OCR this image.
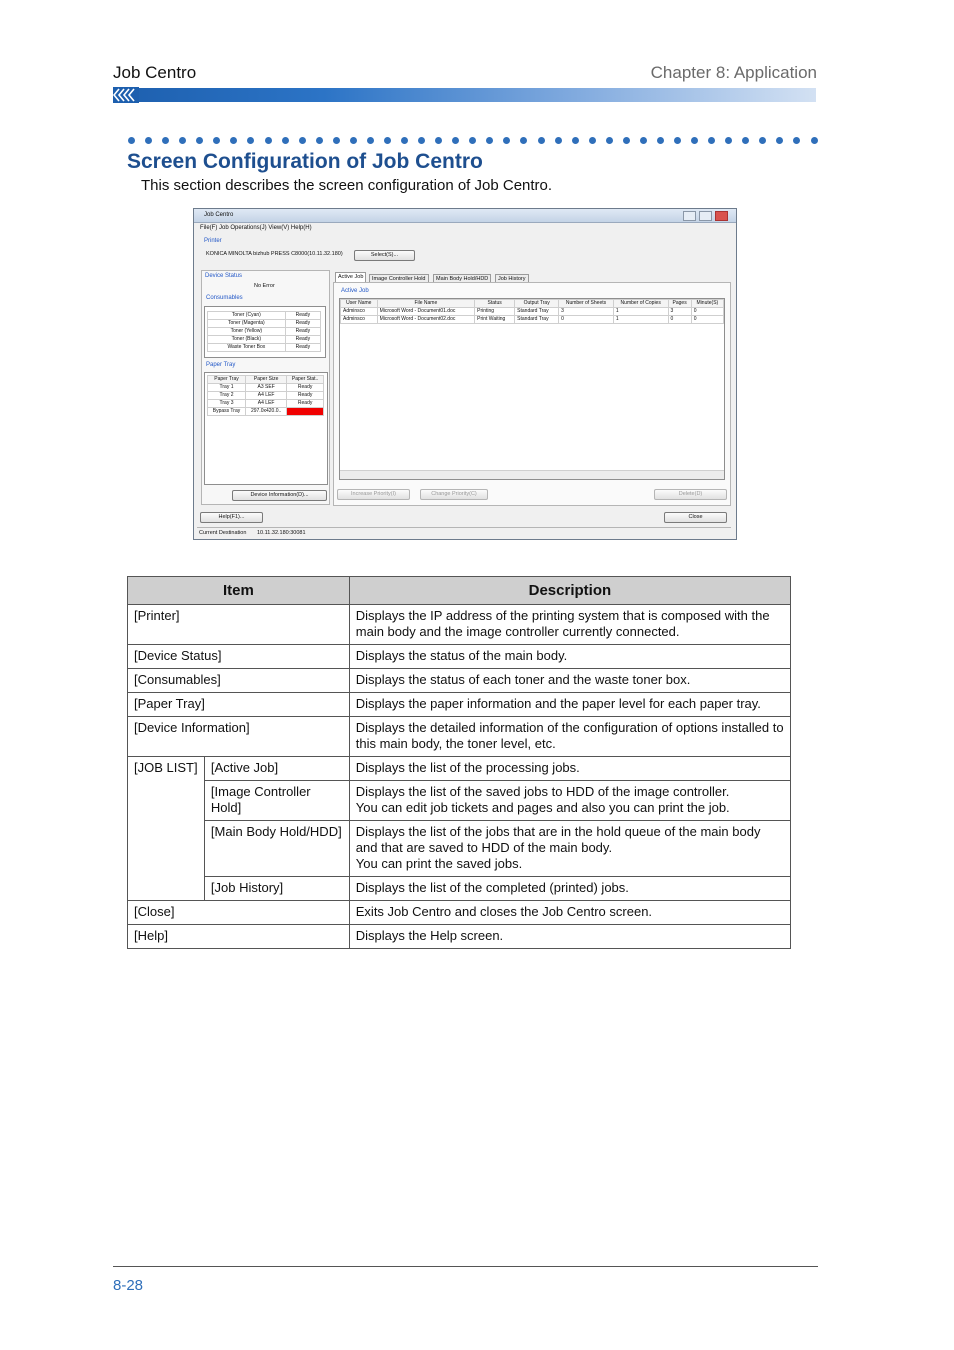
Job Centro	Chapter 8: Application
Screen Configuration of Job Centro
This section describes the screen configuration of Job Centro.
Job Centro
File(F) Job Operations(J) View(V) Help(H)
Printer
KONICA MINOLTA bizhub PRESS C8000(10.11.32.180)	Select(S)...
Device Status
No Error
Consumables
Toner (Cyan)	Ready
Toner (Magenta)	Ready
Toner (Yellow)	Ready
Toner (Black)	Ready
Waste Toner Box	Ready
Paper Tray
Paper Tray	Paper Size	Paper Stat..
Tray 1	A3 SEF	Ready
Tray 2	A4 LEF	Ready
Tray 3	A4 LEF	Ready
Bypass Tray	297.0x420.0..	Empty
Device Information(D)...
Active Job	Image Controller Hold	Main Body Hold/HDD	Job History
Active Job
User Name	File Name	Status	Output Tray	Number of Sheets	Number of Copies	Pages	Minute(S)
Adminsco	Microsoft Word - Document01.doc	Printing	Standard Tray	3	1	3	0
Adminsco	Microsoft Word - Document02.doc	Print Waiting	Standard Tray	0	1	0	0
Increase Priority(I)	Change Priority(C)	Delete(D)
Help(F1)...	Close
Current Destination 10.11.32.180:30081
Item		Description
[Printer]		Displays the IP address of the printing system that is composed with the main body and the image controller currently connected.
[Device Status]		Displays the status of the main body.
[Consumables]		Displays the status of each toner and the waste toner box.
[Paper Tray]		Displays the paper information and the paper level for each paper tray.
[Device Information]		Displays the detailed information of the configuration of options installed to this main body, the toner level, etc.
[JOB LIST]	[Active Job]	Displays the list of the processing jobs.
	[Image Controller Hold]	Displays the list of the saved jobs to HDD of the image controller.
You can edit job tickets and pages and also you can print the job.
	[Main Body Hold/HDD]	Displays the list of the jobs that are in the hold queue of the main body and that are saved to HDD of the main body.
You can print the saved jobs.
	[Job History]	Displays the list of the completed (printed) jobs.
[Close]		Exits Job Centro and closes the Job Centro screen.
[Help]		Displays the Help screen.
8-28
